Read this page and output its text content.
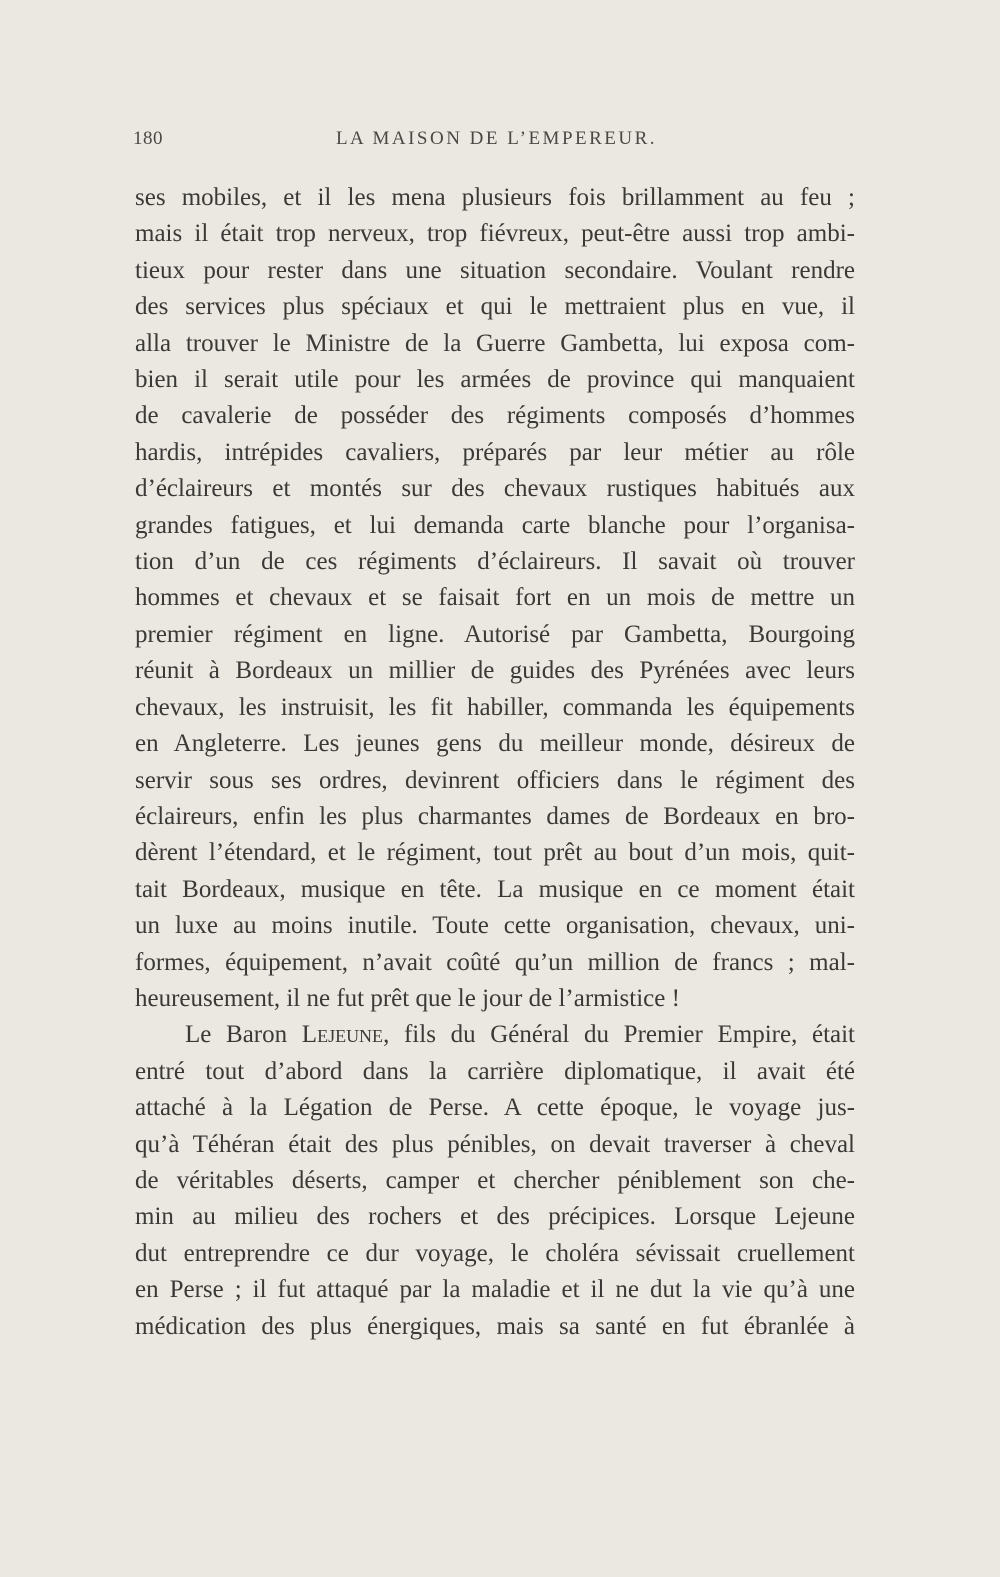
180	LA MAISON DE L’EMPEREUR.
ses mobiles, et il les mena plusieurs fois brillamment au feu ;
mais il était trop nerveux, trop fiévreux, peut-être aussi trop ambi-
tieux pour rester dans une situation secondaire. Voulant rendre
des services plus spéciaux et qui le mettraient plus en vue, il
alla trouver le Ministre de la Guerre Gambetta, lui exposa com-
bien il serait utile pour les armées de province qui manquaient
de cavalerie de posséder des régiments composés d’hommes
hardis, intrépides cavaliers, préparés par leur métier au rôle
d’éclaireurs et montés sur des chevaux rustiques habitués aux
grandes fatigues, et lui demanda carte blanche pour l’organisa-
tion d’un de ces régiments d’éclaireurs. Il savait où trouver
hommes et chevaux et se faisait fort en un mois de mettre un
premier régiment en ligne. Autorisé par Gambetta, Bourgoing
réunit à Bordeaux un millier de guides des Pyrénées avec leurs
chevaux, les instruisit, les fit habiller, commanda les équipements
en Angleterre. Les jeunes gens du meilleur monde, désireux de
servir sous ses ordres, devinrent officiers dans le régiment des
éclaireurs, enfin les plus charmantes dames de Bordeaux en bro-
dèrent l’étendard, et le régiment, tout prêt au bout d’un mois, quit-
tait Bordeaux, musique en tête. La musique en ce moment était
un luxe au moins inutile. Toute cette organisation, chevaux, uni-
formes, équipement, n’avait coûté qu’un million de francs ; mal-
heureusement, il ne fut prêt que le jour de l’armistice !
Le Baron Lejeune, fils du Général du Premier Empire, était
entré tout d’abord dans la carrière diplomatique, il avait été
attaché à la Légation de Perse. A cette époque, le voyage jus-
qu’à Téhéran était des plus pénibles, on devait traverser à cheval
de véritables déserts, camper et chercher péniblement son che-
min au milieu des rochers et des précipices. Lorsque Lejeune
dut entreprendre ce dur voyage, le choléra sévissait cruellement
en Perse ; il fut attaqué par la maladie et il ne dut la vie qu’à une
médication des plus énergiques, mais sa santé en fut ébranlée à
